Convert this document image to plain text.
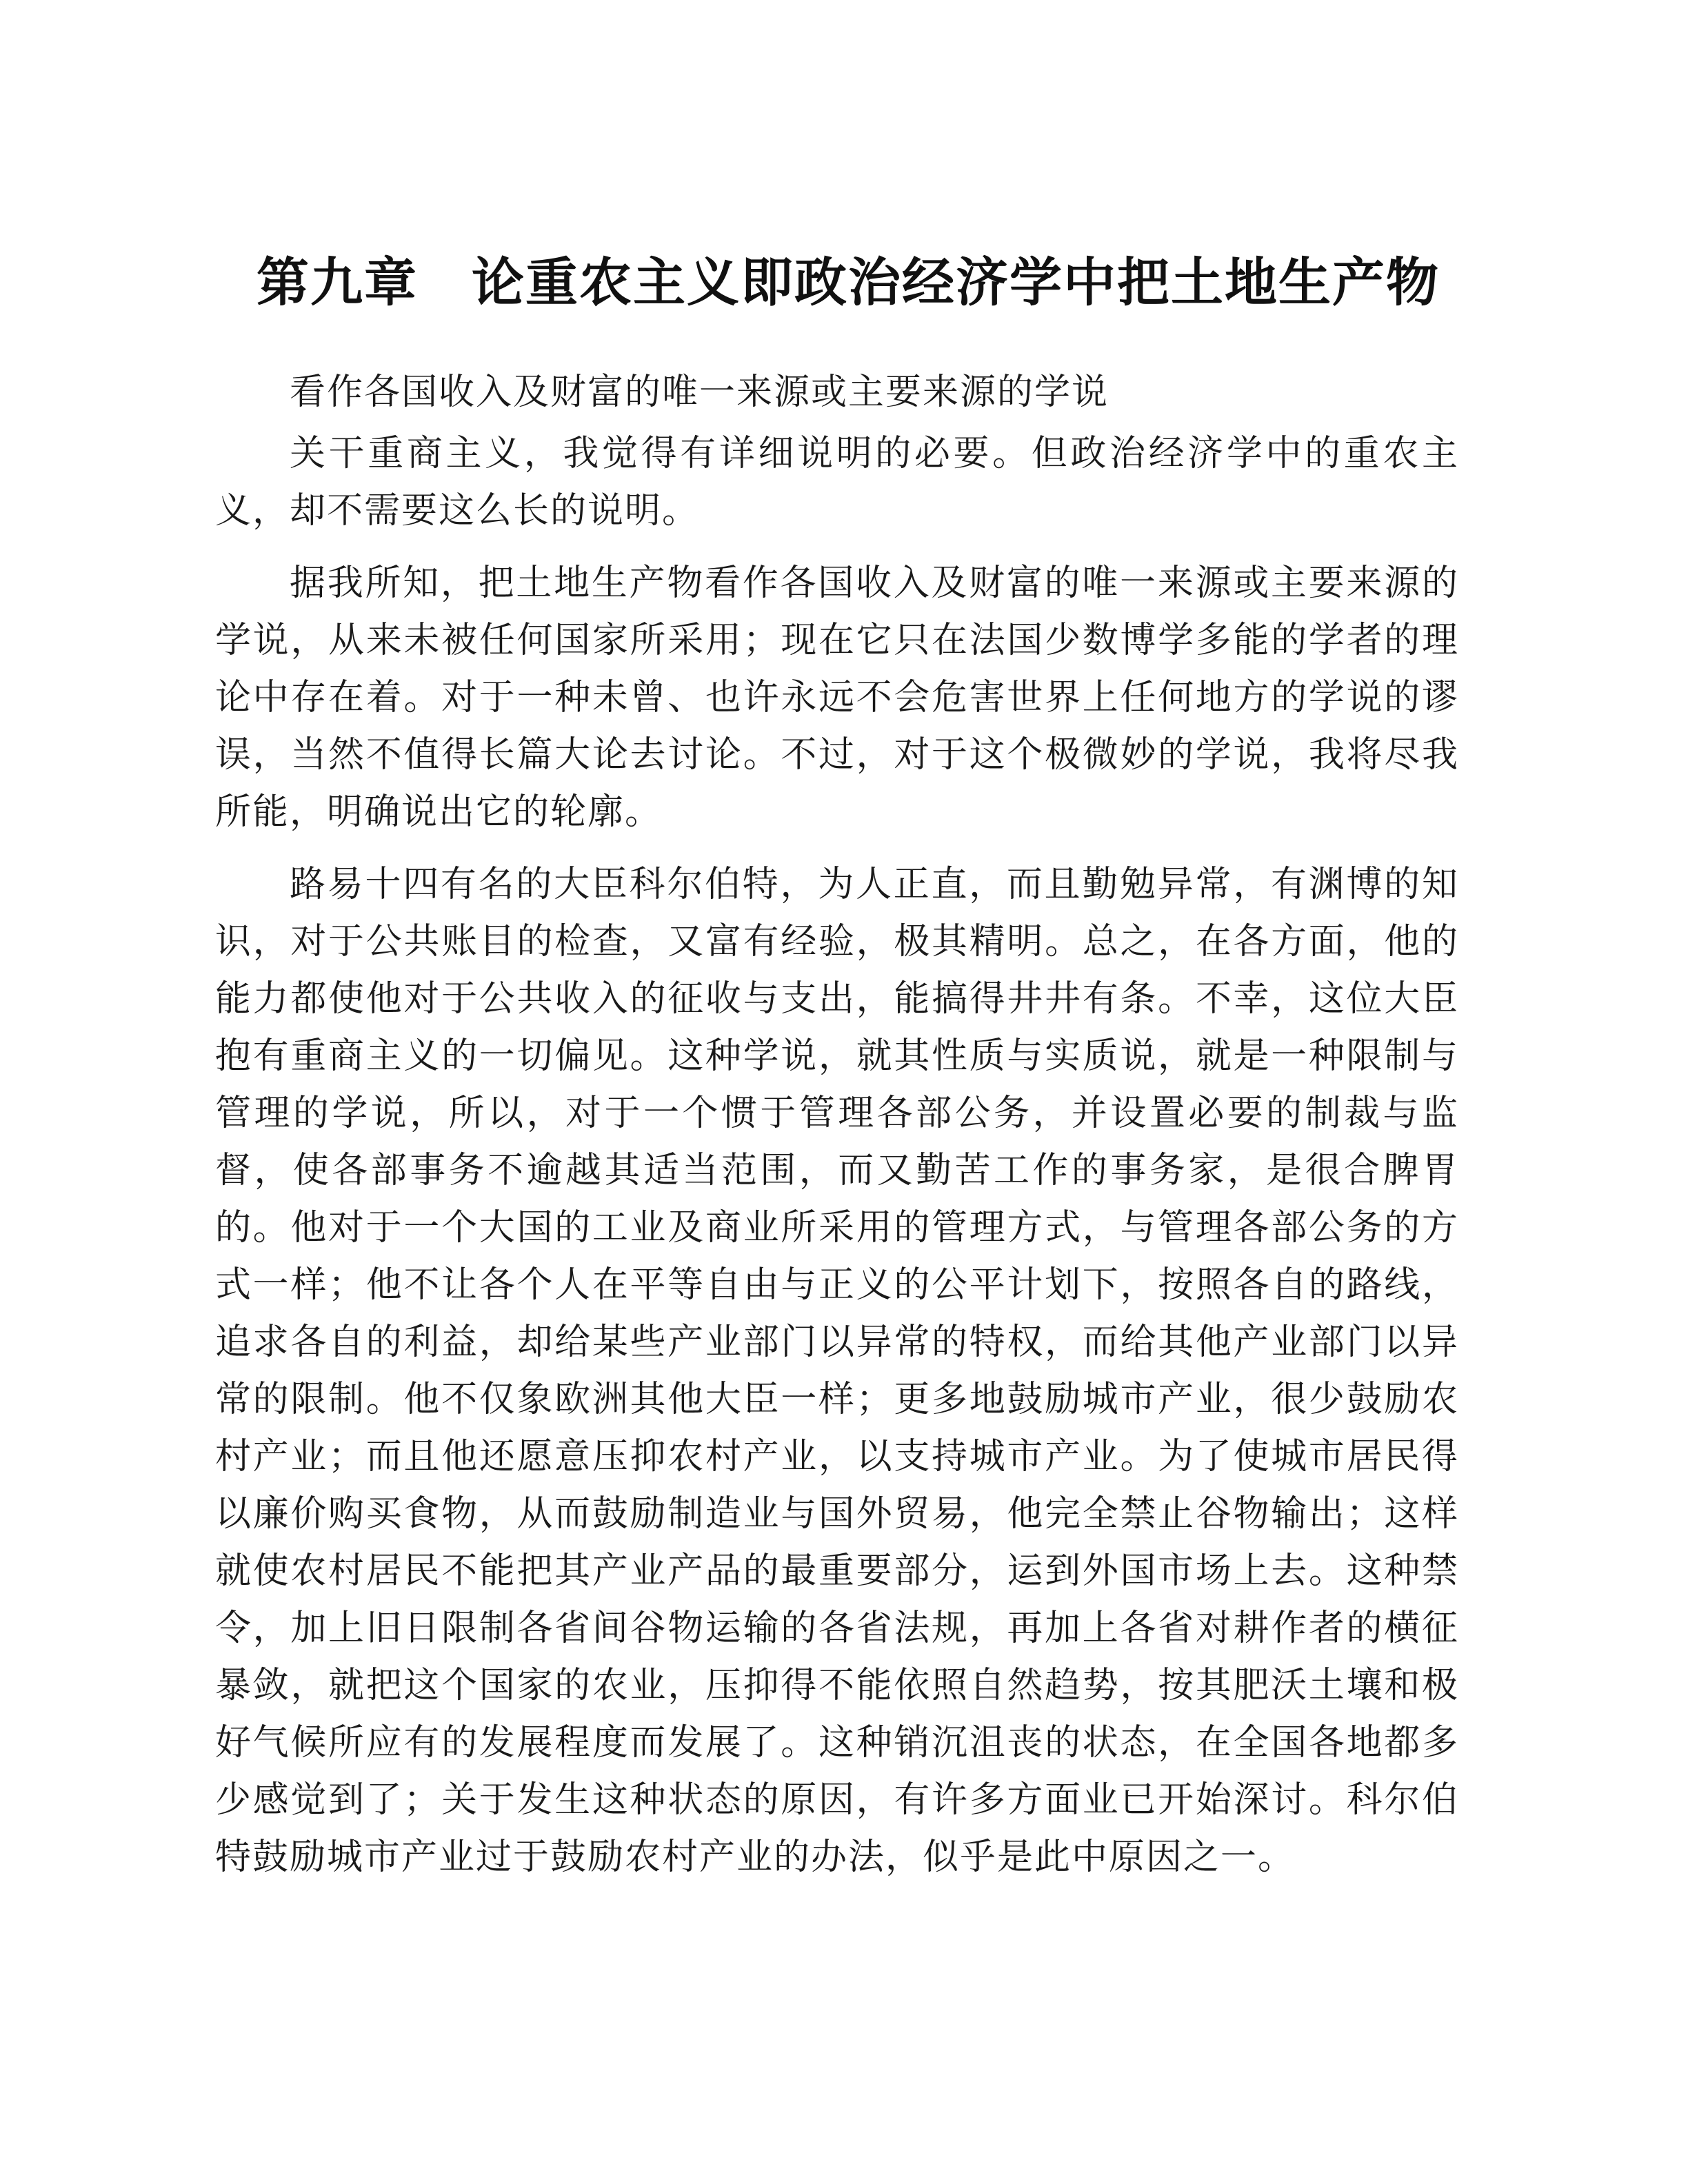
第九章　论重农主义即政治经济学中把土地生产物

看作各国收入及财富的唯一来源或主要来源的学说

关干重商主义，我觉得有详细说明的必要。但政治经济学中的重农主义，却不需要这么长的说明。

据我所知，把土地生产物看作各国收入及财富的唯一来源或主要来源的学说，从来未被任何国家所采用；现在它只在法国少数博学多能的学者的理论中存在着。对于一种未曾、也许永远不会危害世界上任何地方的学说的谬误，当然不值得长篇大论去讨论。不过，对于这个极微妙的学说，我将尽我所能，明确说出它的轮廓。

路易十四有名的大臣科尔伯特，为人正直，而且勤勉异常，有渊博的知识，对于公共账目的检查，又富有经验，极其精明。总之，在各方面，他的能力都使他对于公共收入的征收与支出，能搞得井井有条。不幸，这位大臣抱有重商主义的一切偏见。这种学说，就其性质与实质说，就是一种限制与管理的学说，所以，对于一个惯于管理各部公务，并设置必要的制裁与监督，使各部事务不逾越其适当范围，而又勤苦工作的事务家，是很合脾胃的。他对于一个大国的工业及商业所采用的管理方式，与管理各部公务的方式一样；他不让各个人在平等自由与正义的公平计划下，按照各自的路线，追求各自的利益，却给某些产业部门以异常的特权，而给其他产业部门以异常的限制。他不仅象欧洲其他大臣一样；更多地鼓励城市产业，很少鼓励农村产业；而且他还愿意压抑农村产业，以支持城市产业。为了使城市居民得以廉价购买食物，从而鼓励制造业与国外贸易，他完全禁止谷物输出；这样就使农村居民不能把其产业产品的最重要部分，运到外国市场上去。这种禁令，加上旧日限制各省间谷物运输的各省法规，再加上各省对耕作者的横征暴敛，就把这个国家的农业，压抑得不能依照自然趋势，按其肥沃土壤和极好气候所应有的发展程度而发展了。这种销沉沮丧的状态，在全国各地都多少感觉到了；关于发生这种状态的原因，有许多方面业已开始深讨。科尔伯特鼓励城市产业过于鼓励农村产业的办法，似乎是此中原因之一。
